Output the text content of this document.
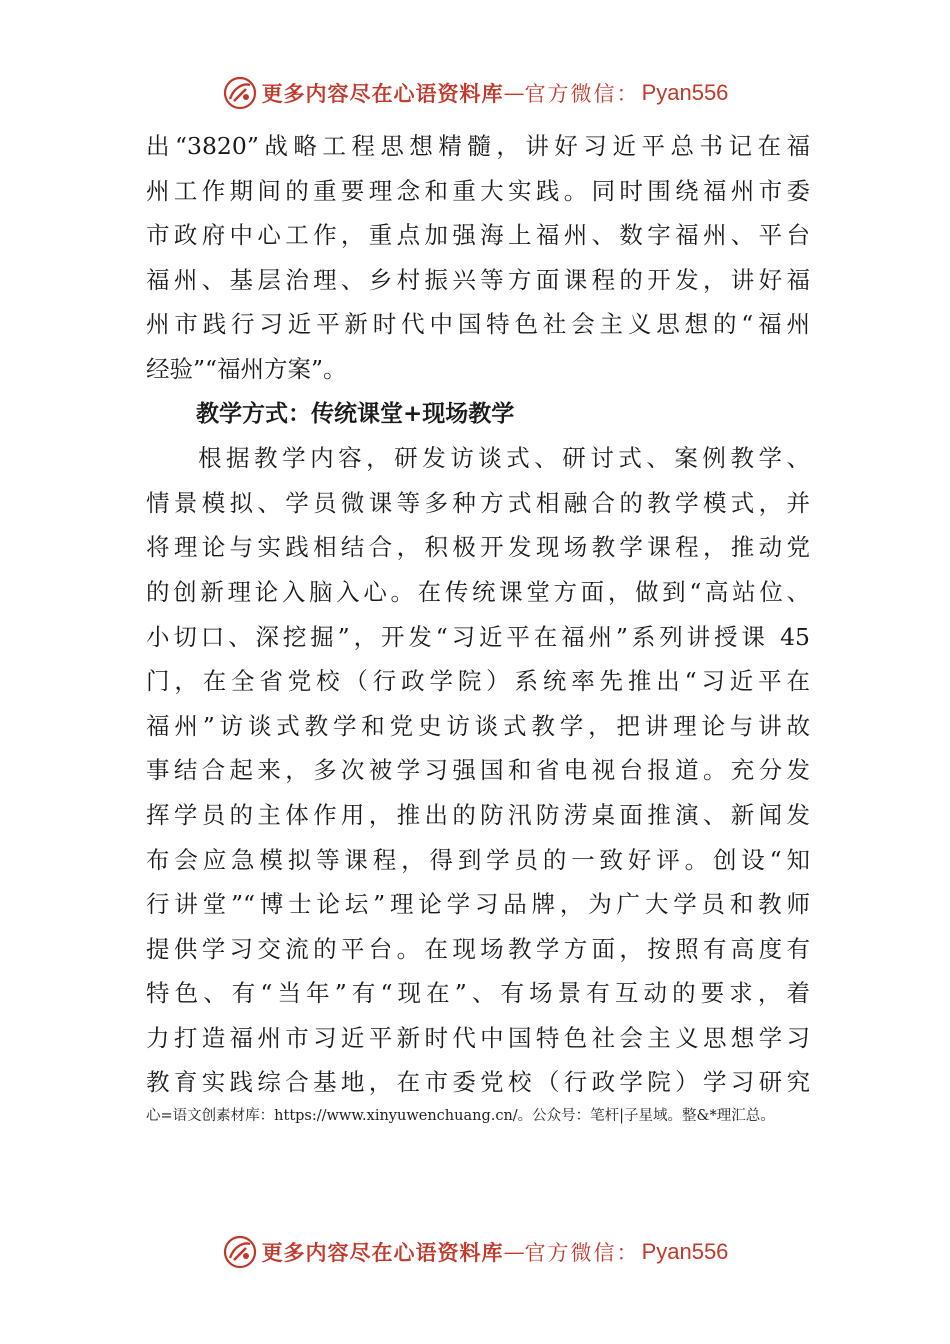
更多内容尽在心语资料库 — 官方微信： Pyan556
出“3820”战略工程思想精髓，讲好习近平总书记在福
州工作期间的重要理念和重大实践。同时围绕福州市委
市政府中心工作，重点加强海上福州、数字福州、平台
福州、基层治理、乡村振兴等方面课程的开发，讲好福
州市践行习近平新时代中国特色社会主义思想的“福州
经验”“福州方案”。
教学方式：传统课堂+现场教学
根据教学内容，研发访谈式、研讨式、案例教学、
情景模拟、学员微课等多种方式相融合的教学模式，并
将理论与实践相结合，积极开发现场教学课程，推动党
的创新理论入脑入心。在传统课堂方面，做到“高站位、
小切口、深挖掘”，开发“习近平在福州”系列讲授课 45
门，在全省党校（行政学院）系统率先推出“习近平在
福州”访谈式教学和党史访谈式教学，把讲理论与讲故
事结合起来，多次被学习强国和省电视台报道。充分发
挥学员的主体作用，推出的防汛防涝桌面推演、新闻发
布会应急模拟等课程，得到学员的一致好评。创设“知
行讲堂”“博士论坛”理论学习品牌，为广大学员和教师
提供学习交流的平台。在现场教学方面，按照有高度有
特色、有“当年”有“现在”、有场景有互动的要求，着
力打造福州市习近平新时代中国特色社会主义思想学习
教育实践综合基地，在市委党校（行政学院）学习研究
心=语文创素材库：https://www.xinyuwenchuang.cn/。公众号：笔杆|子星域。整&*理汇总。
更多内容尽在心语资料库 — 官方微信： Pyan556
